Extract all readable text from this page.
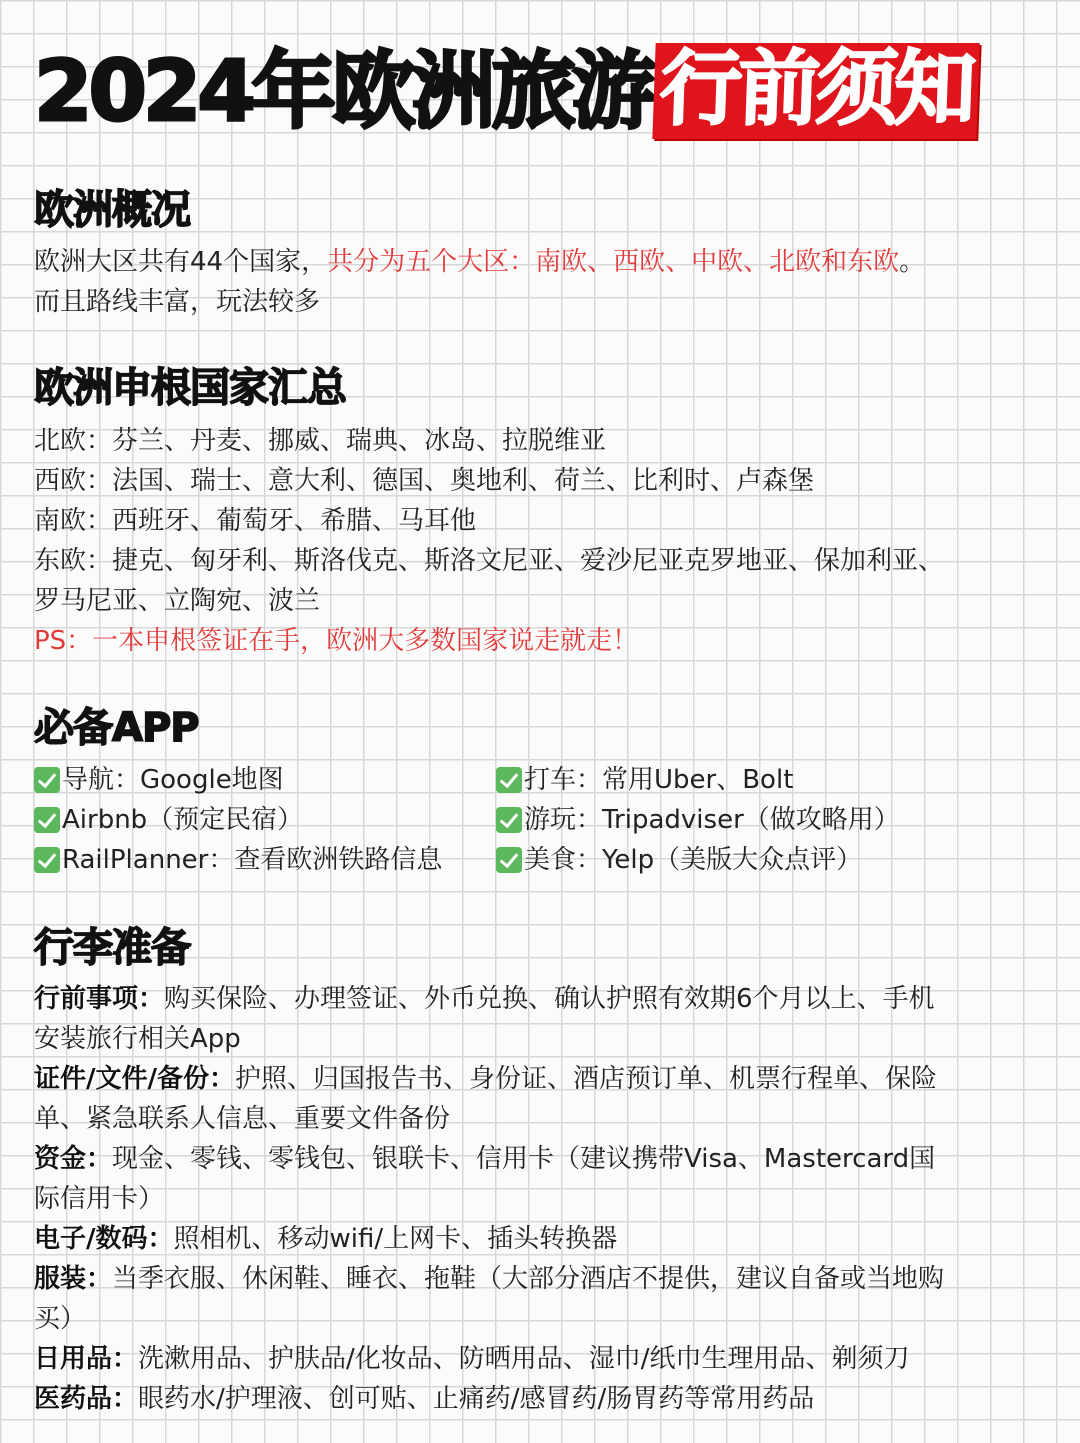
2024年欧洲旅游 行前须知
欧洲概况
欧洲大区共有44个国家，共分为五个大区：南欧、西欧、中欧、北欧和东欧。
而且路线丰富，玩法较多
欧洲申根国家汇总
北欧：芬兰、丹麦、挪威、瑞典、冰岛、拉脱维亚
西欧：法国、瑞士、意大利、德国、奥地利、荷兰、比利时、卢森堡
南欧：西班牙、葡萄牙、希腊、马耳他
东欧：捷克、匈牙利、斯洛伐克、斯洛文尼亚、爱沙尼亚克罗地亚、保加利亚、
罗马尼亚、立陶宛、波兰
PS：一本申根签证在手，欧洲大多数国家说走就走！
必备APP
导航：Google地图
Airbnb（预定民宿）
RailPlanner：查看欧洲铁路信息
打车：常用Uber、Bolt
游玩：Tripadviser（做攻略用）
美食：Yelp（美版大众点评）
行李准备
行前事项：购买保险、办理签证、外币兑换、确认护照有效期6个月以上、手机
安装旅行相关App
证件/文件/备份：护照、归国报告书、身份证、酒店预订单、机票行程单、保险
单、紧急联系人信息、重要文件备份
资金：现金、零钱、零钱包、银联卡、信用卡（建议携带Visa、Mastercard国
际信用卡）
电子/数码：照相机、移动wifi/上网卡、插头转换器
服装：当季衣服、休闲鞋、睡衣、拖鞋（大部分酒店不提供，建议自备或当地购
买）
日用品：洗漱用品、护肤品/化妆品、防晒用品、湿巾/纸巾生理用品、剃须刀
医药品：眼药水/护理液、创可贴、止痛药/感冒药/肠胃药等常用药品
